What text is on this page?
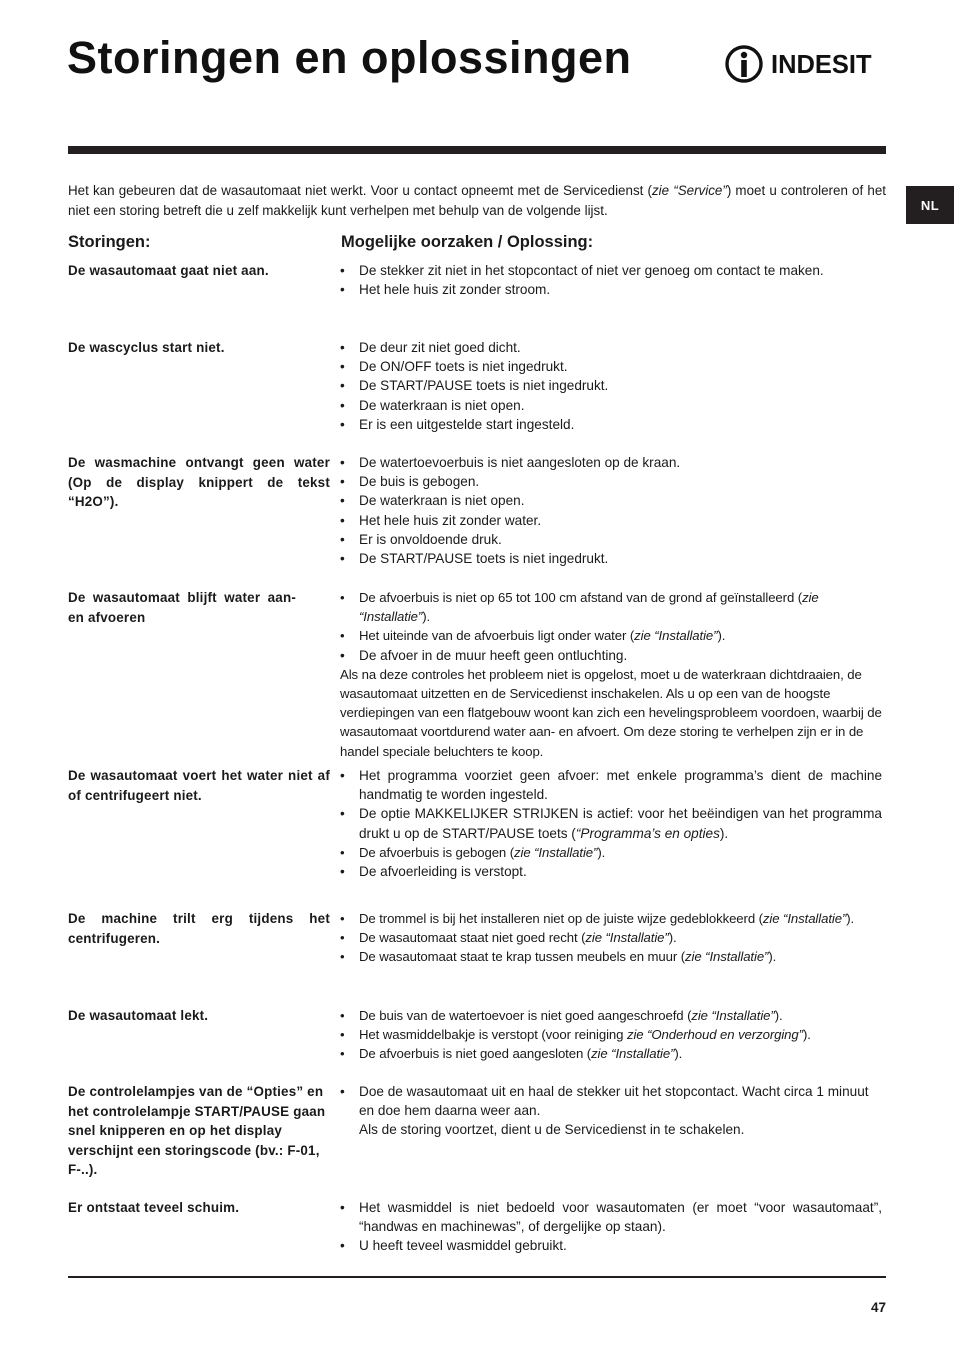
Storingen en oplossingen	INDESIT
NL

Het kan gebeuren dat de wasautomaat niet werkt. Voor u contact opneemt met de Servicedienst (zie “Service”) moet u controleren of het niet een storing betreft die u zelf makkelijk kunt verhelpen met behulp van de volgende lijst.

Storingen:	Mogelijke oorzaken / Oplossing:

De wasautomaat gaat niet aan.	• De stekker zit niet in het stopcontact of niet ver genoeg om contact te maken.
• Het hele huis zit zonder stroom.

De wascyclus start niet.	• De deur zit niet goed dicht.
• De ON/OFF toets is niet ingedrukt.
• De START/PAUSE toets is niet ingedrukt.
• De waterkraan is niet open.
• Er is een uitgestelde start ingesteld.

De wasmachine ontvangt geen water (Op de display knippert de tekst “H2O”).

• De watertoevoerbuis is niet aangesloten op de kraan.
• De buis is gebogen.
• De waterkraan is niet open.
• Het hele huis zit zonder water.
• Er is onvoldoende druk.
• De START/PAUSE toets is niet ingedrukt.

De wasautomaat blijft water aan-en afvoeren

• De afvoerbuis is niet op 65 tot 100 cm afstand van de grond af geïnstalleerd (zie “Installatie”).
• Het uiteinde van de afvoerbuis ligt onder water (zie “Installatie”).
• De afvoer in de muur heeft geen ontluchting.
Als na deze controles het probleem niet is opgelost, moet u de waterkraan dichtdraaien, de wasautomaat uitzetten en de Servicedienst inschakelen. Als u op een van de hoogste verdiepingen van een flatgebouw woont kan zich een hevelingsprobleem voordoen, waarbij de wasautomaat voortdurend water aan- en afvoert. Om deze storing te verhelpen zijn er in de handel speciale beluchters te koop.

De wasautomaat voert het water niet af of centrifugeert niet.

• Het programma voorziet geen afvoer: met enkele programma’s dient de machine handmatig te worden ingesteld.
• De optie MAKKELIJKER STRIJKEN is actief: voor het beëindigen van het programma drukt u op de START/PAUSE toets (“Programma’s en opties).
• De afvoerbuis is gebogen (zie “Installatie”).
• De afvoerleiding is verstopt.

De machine trilt erg tijdens het centrifugeren.

• De trommel is bij het installeren niet op de juiste wijze gedeblokkeerd (zie “Installatie”).
• De wasautomaat staat niet goed recht (zie “Installatie”).
• De wasautomaat staat te krap tussen meubels en muur (zie “Installatie”).

De wasautomaat lekt.	• De buis van de watertoevoer is niet goed aangeschroefd (zie “Installatie”).
• Het wasmiddelbakje is verstopt (voor reiniging zie “Onderhoud en verzorging”).
• De afvoerbuis is niet goed aangesloten (zie “Installatie”).

De controlelampjes van de “Opties” en het controlelampje START/PAUSE gaan snel knipperen en op het display verschijnt een storingscode (bv.: F-01, F-..).

• Doe de wasautomaat uit en haal de stekker uit het stopcontact. Wacht circa 1 minuut en doe hem daarna weer aan.
Als de storing voortzet, dient u de Servicedienst in te schakelen.

Er ontstaat teveel schuim.	• Het wasmiddel is niet bedoeld voor wasautomaten (er moet “voor wasautomaat”, “handwas en machinewas”, of dergelijke op staan).
• U heeft teveel wasmiddel gebruikt.
47
